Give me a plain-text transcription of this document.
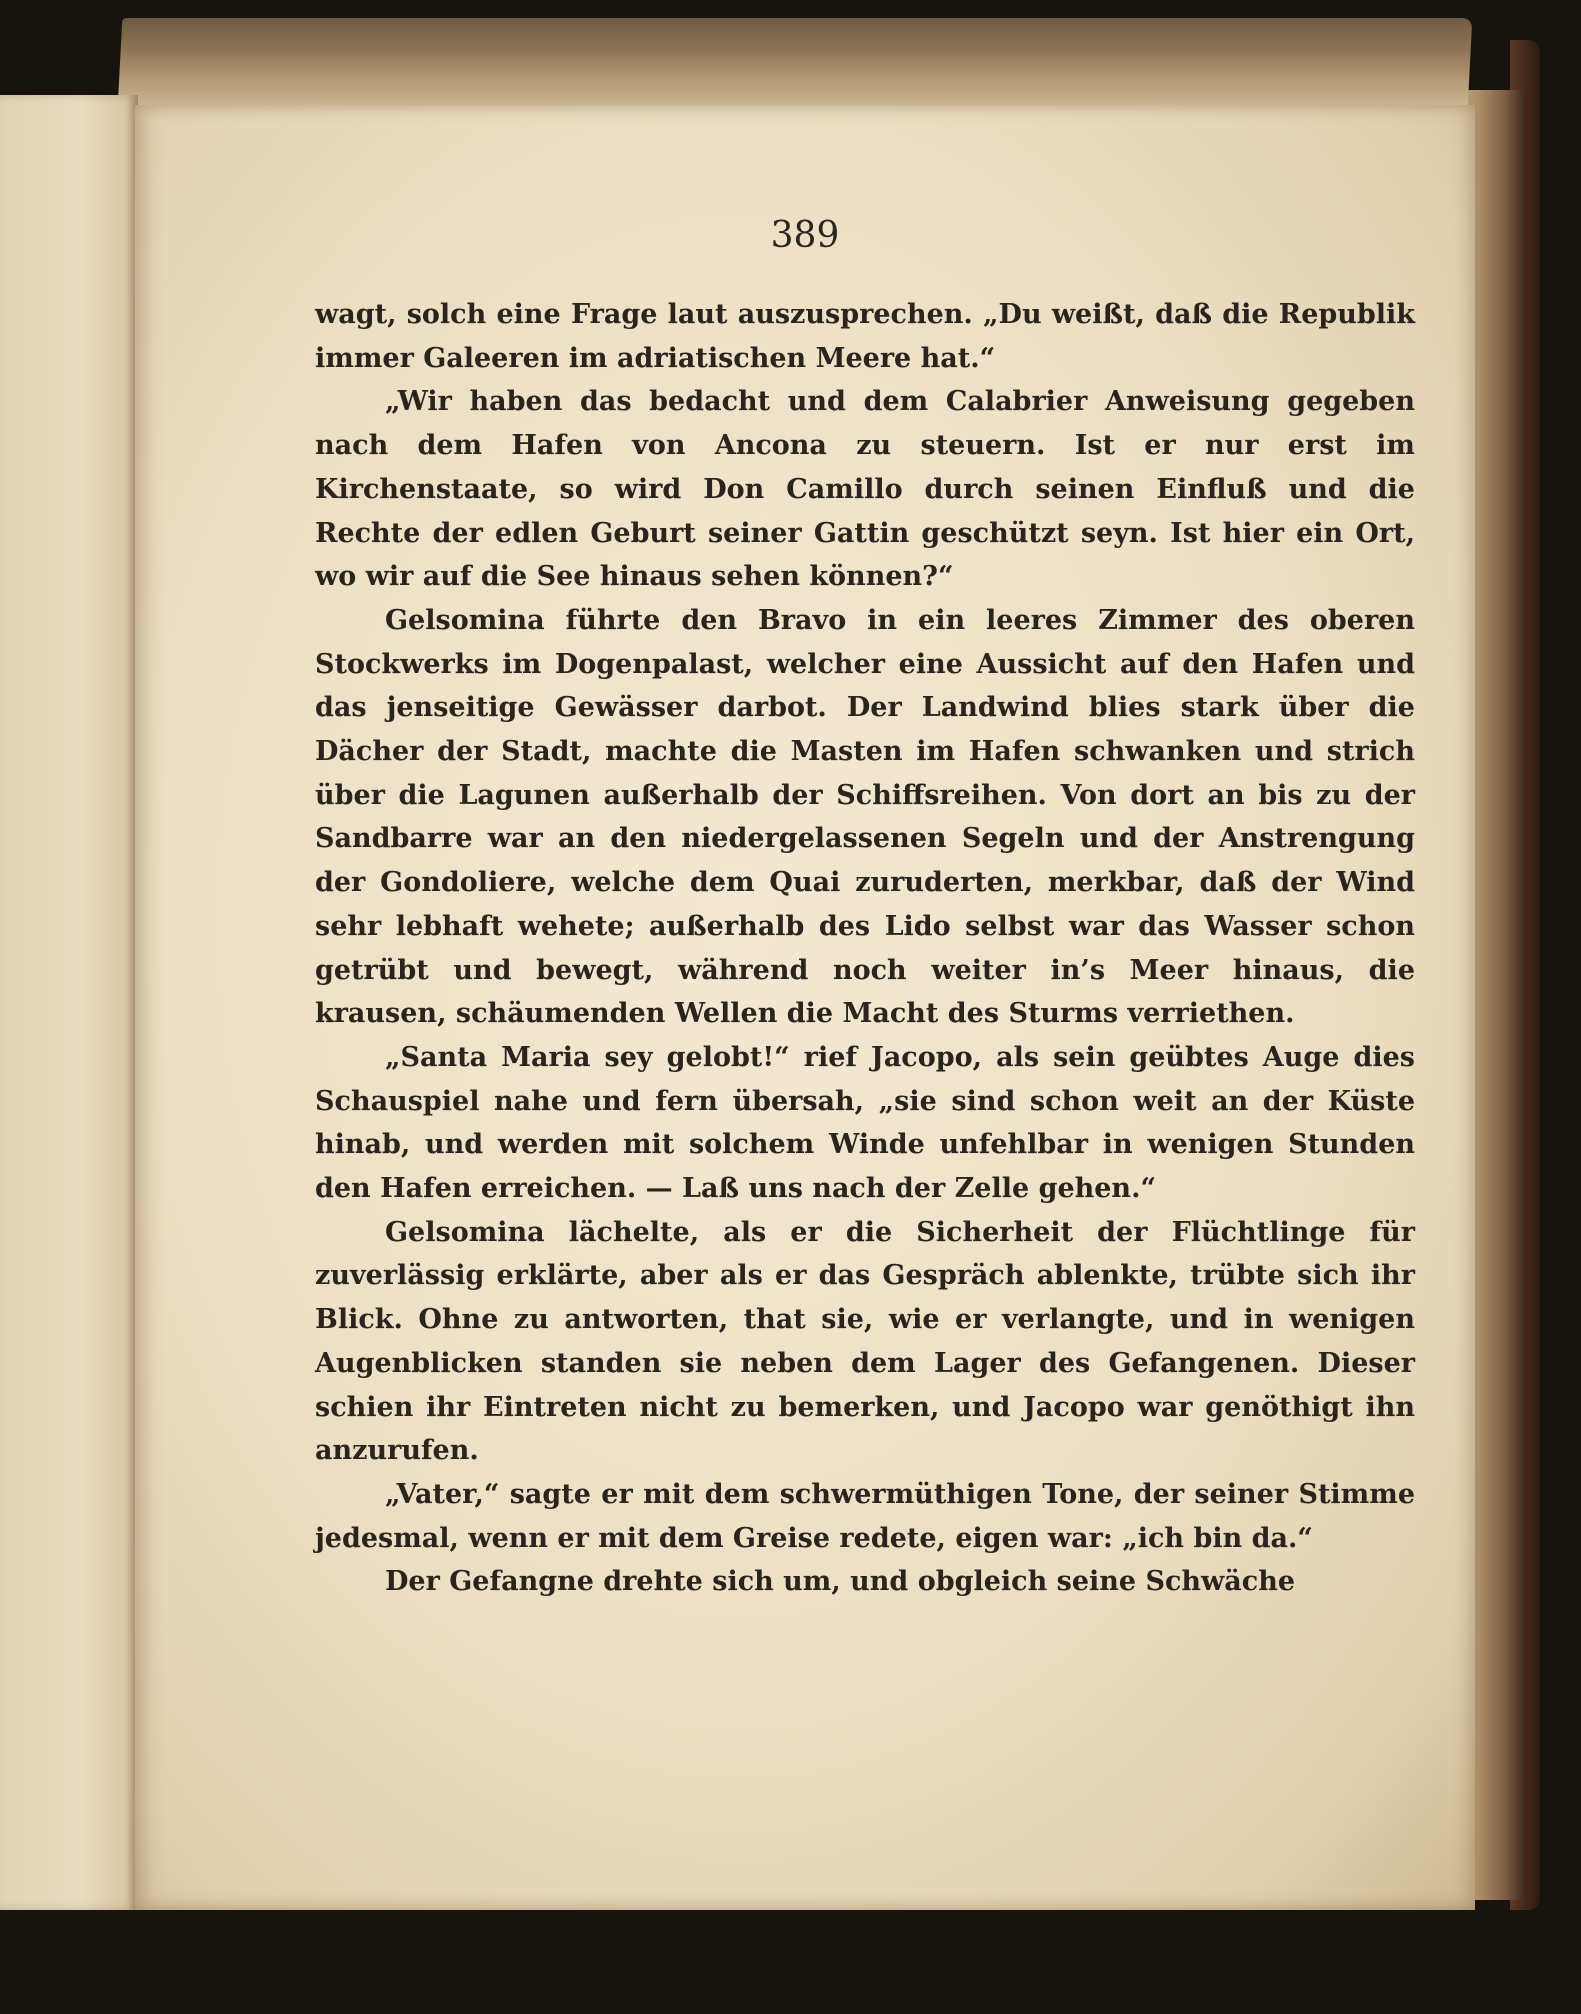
389

wagt, solch eine Frage laut auszusprechen. „Du weißt, daß die Republik immer Galeeren im adriatischen Meere hat.“

„Wir haben das bedacht und dem Calabrier Anweisung gegeben nach dem Hafen von Ancona zu steuern. Ist er nur erst im Kirchenstaate, so wird Don Camillo durch seinen Einfluß und die Rechte der edlen Geburt seiner Gattin geschützt seyn. Ist hier ein Ort, wo wir auf die See hinaus sehen können?“

Gelsomina führte den Bravo in ein leeres Zimmer des oberen Stockwerks im Dogenpalast, welcher eine Aussicht auf den Hafen und das jenseitige Gewässer darbot. Der Landwind blies stark über die Dächer der Stadt, machte die Masten im Hafen schwanken und strich über die Lagunen außerhalb der Schiffsreihen. Von dort an bis zu der Sandbarre war an den niedergelassenen Segeln und der Anstrengung der Gondoliere, welche dem Quai zuruderten, merkbar, daß der Wind sehr lebhaft wehete; außerhalb des Lido selbst war das Wasser schon getrübt und bewegt, während noch weiter in’s Meer hinaus, die krausen, schäumenden Wellen die Macht des Sturms verriethen.

„Santa Maria sey gelobt!“ rief Jacopo, als sein geübtes Auge dies Schauspiel nahe und fern übersah, „sie sind schon weit an der Küste hinab, und werden mit solchem Winde unfehlbar in wenigen Stunden den Hafen erreichen. — Laß uns nach der Zelle gehen.“

Gelsomina lächelte, als er die Sicherheit der Flüchtlinge für zuverlässig erklärte, aber als er das Gespräch ablenkte, trübte sich ihr Blick. Ohne zu antworten, that sie, wie er verlangte, und in wenigen Augenblicken standen sie neben dem Lager des Gefangenen. Dieser schien ihr Eintreten nicht zu bemerken, und Jacopo war genöthigt ihn anzurufen.

„Vater,“ sagte er mit dem schwermüthigen Tone, der seiner Stimme jedesmal, wenn er mit dem Greise redete, eigen war: „ich bin da.“

Der Gefangne drehte sich um, und obgleich seine Schwäche
